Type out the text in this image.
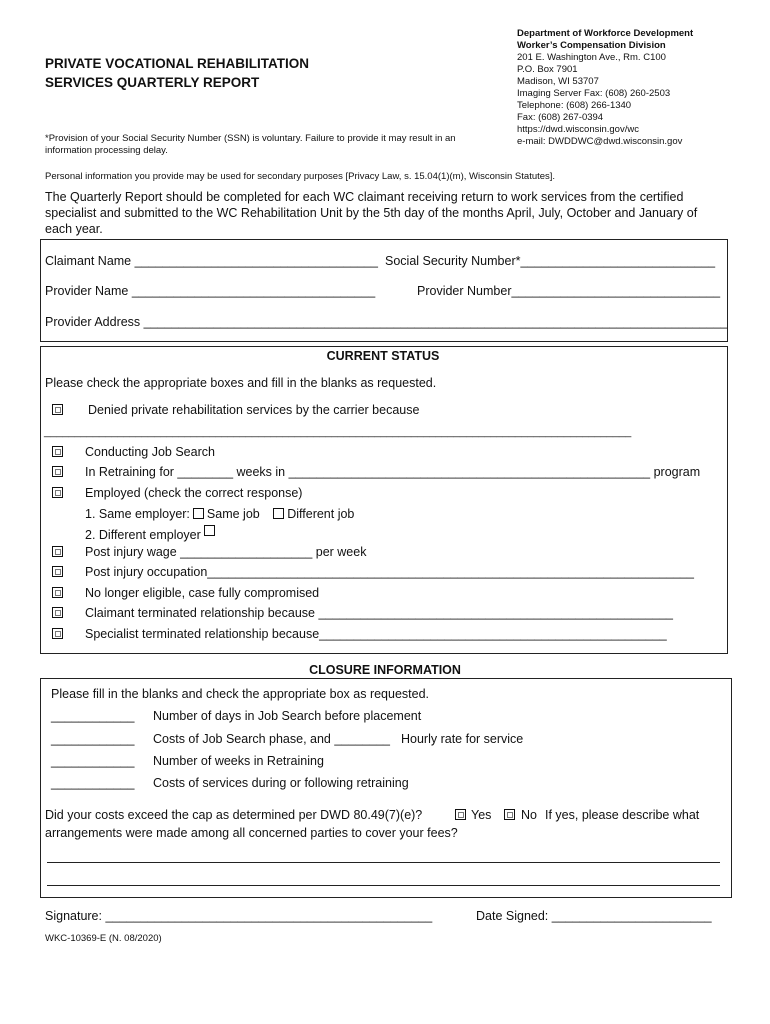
PRIVATE VOCATIONAL REHABILITATION
SERVICES QUARTERLY REPORT
Department of Workforce Development
Worker’s Compensation Division
201 E. Washington Ave., Rm. C100
P.O. Box 7901
Madison, WI 53707
Imaging Server Fax: (608) 260-2503
Telephone: (608) 266-1340
Fax: (608) 267-0394
https://dwd.wisconsin.gov/wc
e-mail: DWDDWC@dwd.wisconsin.gov
*Provision of your Social Security Number (SSN) is voluntary. Failure to provide it may result in an
information processing delay.
Personal information you provide may be used for secondary purposes [Privacy Law, s. 15.04(1)(m), Wisconsin Statutes].
The Quarterly Report should be completed for each WC claimant receiving return to work services from the certified specialist and submitted to the WC Rehabilitation Unit by the 5th day of the months April, July, October and January of each year.
Claimant Name ___________________________________ Social Security Number*____________________________
Provider Name ___________________________________	Provider Number______________________________
Provider Address ____________________________________________________________________________________
CURRENT STATUS
Please check the appropriate boxes and fill in the blanks as requested.
Denied private rehabilitation services by the carrier because
________________________________________________________________________________________________
Conducting Job Search
In Retraining for ________ weeks in ____________________________________________________ program
Employed (check the correct response)
1. Same employer: Same job Different job
2. Different employer
Post injury wage ___________________ per week
Post injury occupation______________________________________________________________________
No longer eligible, case fully compromised
Claimant terminated relationship because ___________________________________________________
Specialist terminated relationship because__________________________________________________
CLOSURE INFORMATION
Please fill in the blanks and check the appropriate box as requested.
____________ Number of days in Job Search before placement
____________ Costs of Job Search phase, and ________ Hourly rate for service
____________ Number of weeks in Retraining
____________ Costs of services during or following retraining
Did your costs exceed the cap as determined per DWD 80.49(7)(e)?	Yes No If yes, please describe what
arrangements were made among all concerned parties to cover your fees?
Signature: _______________________________________________	Date Signed: _______________________
WKC-10369-E (N. 08/2020)
